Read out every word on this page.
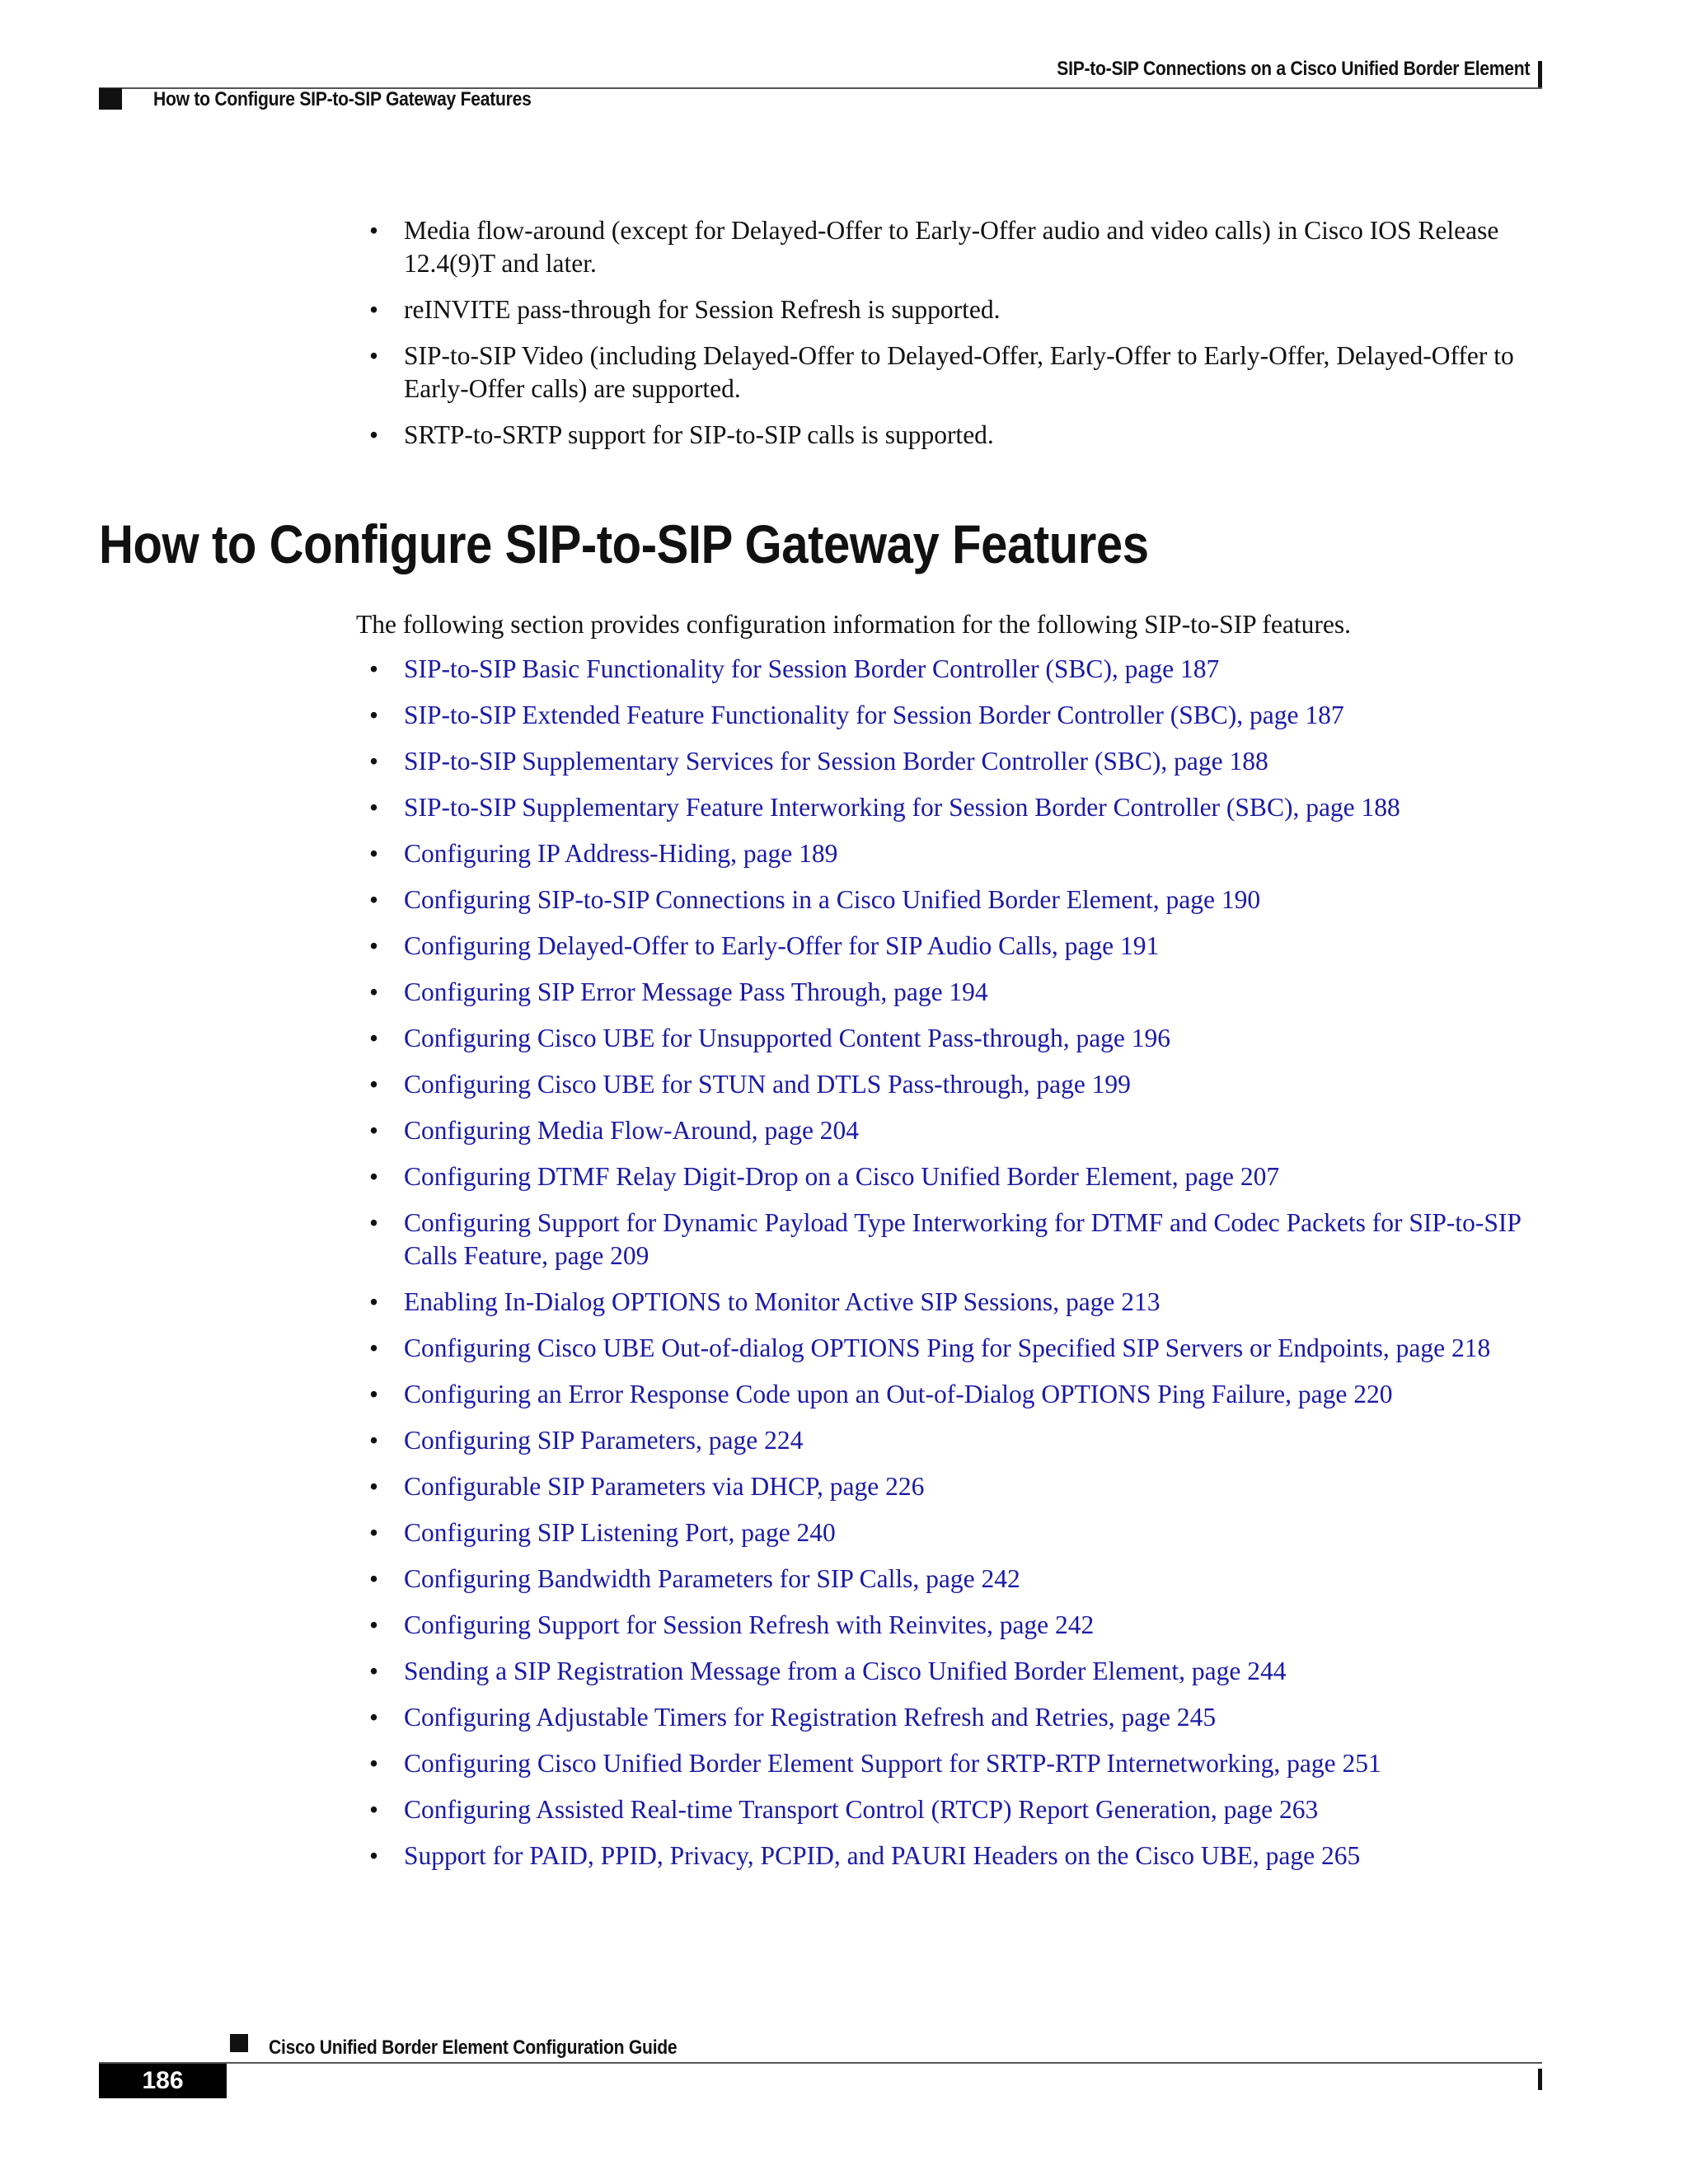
SIP-to-SIP Connections on a Cisco Unified Border Element
How to Configure SIP-to-SIP Gateway Features
• Media flow-around (except for Delayed-Offer to Early-Offer audio and video calls) in Cisco IOS Release 12.4(9)T and later.
• reINVITE pass-through for Session Refresh is supported.
• SIP-to-SIP Video (including Delayed-Offer to Delayed-Offer, Early-Offer to Early-Offer, Delayed-Offer to Early-Offer calls) are supported.
• SRTP-to-SRTP support for SIP-to-SIP calls is supported.
How to Configure SIP-to-SIP Gateway Features

The following section provides configuration information for the following SIP-to-SIP features.

• SIP-to-SIP Basic Functionality for Session Border Controller (SBC), page 187
• SIP-to-SIP Extended Feature Functionality for Session Border Controller (SBC), page 187
• SIP-to-SIP Supplementary Services for Session Border Controller (SBC), page 188
• SIP-to-SIP Supplementary Feature Interworking for Session Border Controller (SBC), page 188
• Configuring IP Address-Hiding, page 189
• Configuring SIP-to-SIP Connections in a Cisco Unified Border Element, page 190
• Configuring Delayed-Offer to Early-Offer for SIP Audio Calls, page 191
• Configuring SIP Error Message Pass Through, page 194
• Configuring Cisco UBE for Unsupported Content Pass-through, page 196
• Configuring Cisco UBE for STUN and DTLS Pass-through, page 199
• Configuring Media Flow-Around, page 204
• Configuring DTMF Relay Digit-Drop on a Cisco Unified Border Element, page 207
• Configuring Support for Dynamic Payload Type Interworking for DTMF and Codec Packets for SIP-to-SIP Calls Feature, page 209
• Enabling In-Dialog OPTIONS to Monitor Active SIP Sessions, page 213
• Configuring Cisco UBE Out-of-dialog OPTIONS Ping for Specified SIP Servers or Endpoints, page 218
• Configuring an Error Response Code upon an Out-of-Dialog OPTIONS Ping Failure, page 220
• Configuring SIP Parameters, page 224
• Configurable SIP Parameters via DHCP, page 226
• Configuring SIP Listening Port, page 240
• Configuring Bandwidth Parameters for SIP Calls, page 242
• Configuring Support for Session Refresh with Reinvites, page 242
• Sending a SIP Registration Message from a Cisco Unified Border Element, page 244
• Configuring Adjustable Timers for Registration Refresh and Retries, page 245
• Configuring Cisco Unified Border Element Support for SRTP-RTP Internetworking, page 251
• Configuring Assisted Real-time Transport Control (RTCP) Report Generation, page 263
• Support for PAID, PPID, Privacy, PCPID, and PAURI Headers on the Cisco UBE, page 265
Cisco Unified Border Element Configuration Guide
186
